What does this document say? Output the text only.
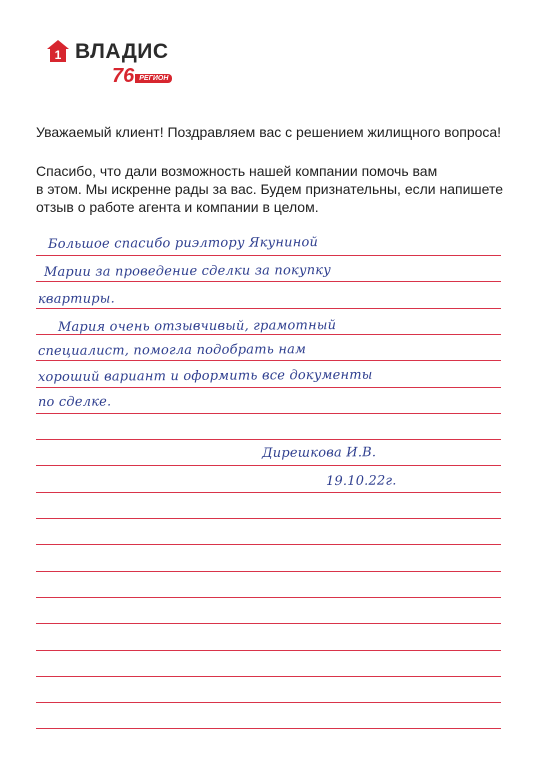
1 ВЛАДИС
76 РЕГИОН
Уважаемый клиент! Поздравляем вас с решением жилищного вопроса!
Спасибо, что дали возможность нашей компании помочь вам
в этом. Мы искренне рады за вас. Будем признательны, если напишете
отзыв о работе агента и компании в целом.
Большое спасибо риэлтору Якуниной
Марии за проведение сделки за покупку
квартиры.
Мария очень отзывчивый, грамотный
специалист, помогла подобрать нам
хороший вариант и оформить все документы
по сделке.
Дирешкова И.В.
19.10.22г.
